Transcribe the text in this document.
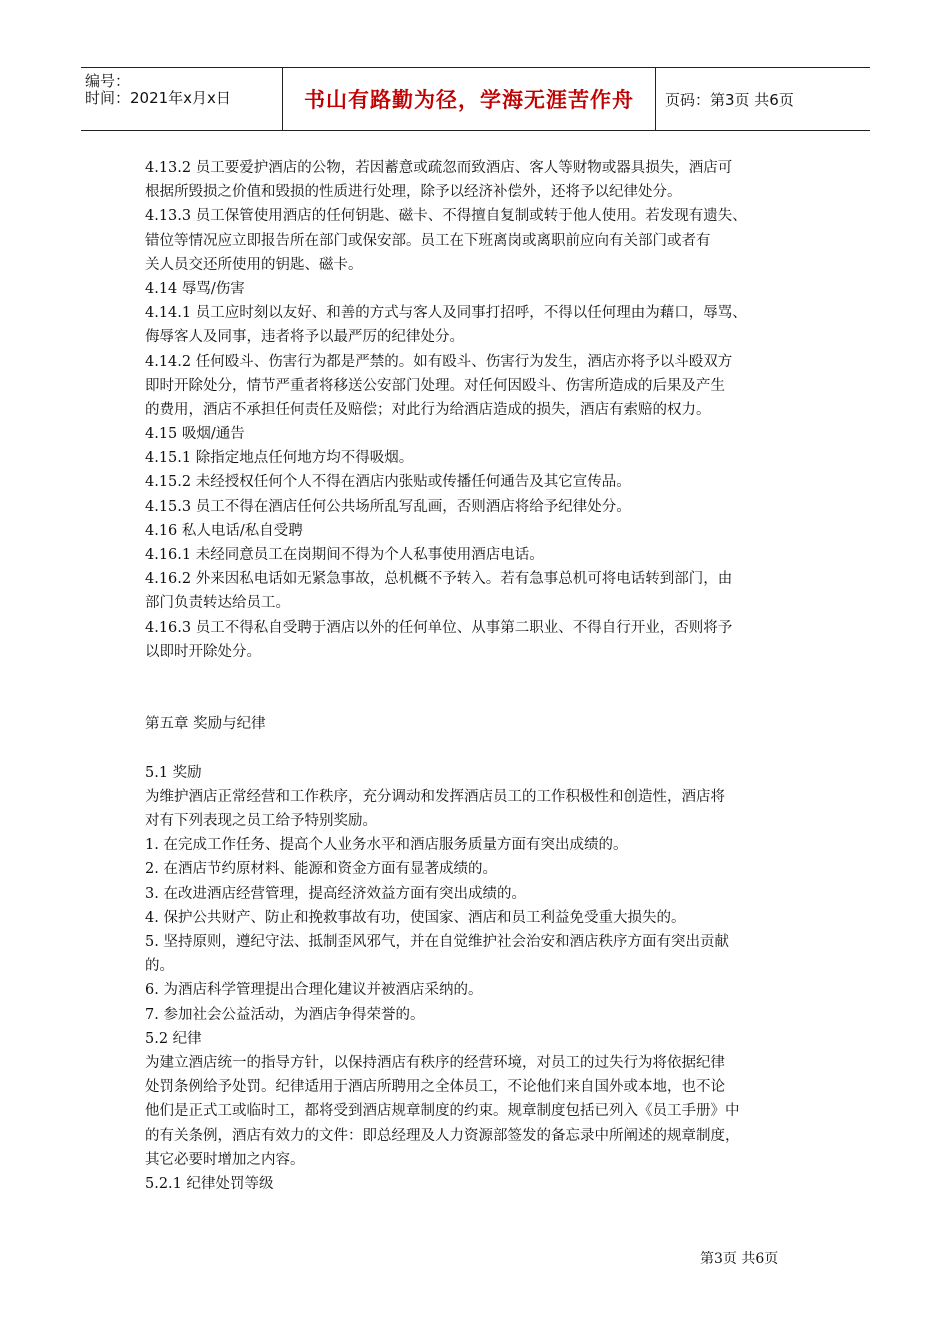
编号：
时间：2021年x月x日	书山有路勤为径，学海无涯苦作舟	页码：第3页 共6页
4.13.2 员工要爱护酒店的公物，若因蓄意或疏忽而致酒店、客人等财物或器具损失，酒店可
根据所毁损之价值和毁损的性质进行处理，除予以经济补偿外，还将予以纪律处分。
4.13.3 员工保管使用酒店的任何钥匙、磁卡、不得擅自复制或转于他人使用。若发现有遗失、
错位等情况应立即报告所在部门或保安部。员工在下班离岗或离职前应向有关部门或者有
关人员交还所使用的钥匙、磁卡。
4.14 辱骂/伤害
4.14.1 员工应时刻以友好、和善的方式与客人及同事打招呼，不得以任何理由为藉口，辱骂、
侮辱客人及同事，违者将予以最严厉的纪律处分。
4.14.2 任何殴斗、伤害行为都是严禁的。如有殴斗、伤害行为发生，酒店亦将予以斗殴双方
即时开除处分，情节严重者将移送公安部门处理。对任何因殴斗、伤害所造成的后果及产生
的费用，酒店不承担任何责任及赔偿；对此行为给酒店造成的损失，酒店有索赔的权力。
4.15 吸烟/通告
4.15.1 除指定地点任何地方均不得吸烟。
4.15.2 未经授权任何个人不得在酒店内张贴或传播任何通告及其它宣传品。
4.15.3 员工不得在酒店任何公共场所乱写乱画，否则酒店将给予纪律处分。
4.16 私人电话/私自受聘
4.16.1 未经同意员工在岗期间不得为个人私事使用酒店电话。
4.16.2 外来因私电话如无紧急事故，总机概不予转入。若有急事总机可将电话转到部门，由
部门负责转达给员工。
4.16.3 员工不得私自受聘于酒店以外的任何单位、从事第二职业、不得自行开业，否则将予
以即时开除处分。
第五章 奖励与纪律
5.1 奖励
为维护酒店正常经营和工作秩序，充分调动和发挥酒店员工的工作积极性和创造性，酒店将
对有下列表现之员工给予特别奖励。
1. 在完成工作任务、提高个人业务水平和酒店服务质量方面有突出成绩的。
2. 在酒店节约原材料、能源和资金方面有显著成绩的。
3. 在改进酒店经营管理，提高经济效益方面有突出成绩的。
4. 保护公共财产、防止和挽救事故有功，使国家、酒店和员工利益免受重大损失的。
5. 坚持原则，遵纪守法、抵制歪风邪气，并在自觉维护社会治安和酒店秩序方面有突出贡献
的。
6. 为酒店科学管理提出合理化建议并被酒店采纳的。
7. 参加社会公益活动，为酒店争得荣誉的。
5.2 纪律
为建立酒店统一的指导方针，以保持酒店有秩序的经营环境，对员工的过失行为将依据纪律
处罚条例给予处罚。纪律适用于酒店所聘用之全体员工，不论他们来自国外或本地，也不论
他们是正式工或临时工，都将受到酒店规章制度的约束。规章制度包括已列入《员工手册》中
的有关条例，酒店有效力的文件：即总经理及人力资源部签发的备忘录中所阐述的规章制度，
其它必要时增加之内容。
5.2.1 纪律处罚等级
第3页 共6页
